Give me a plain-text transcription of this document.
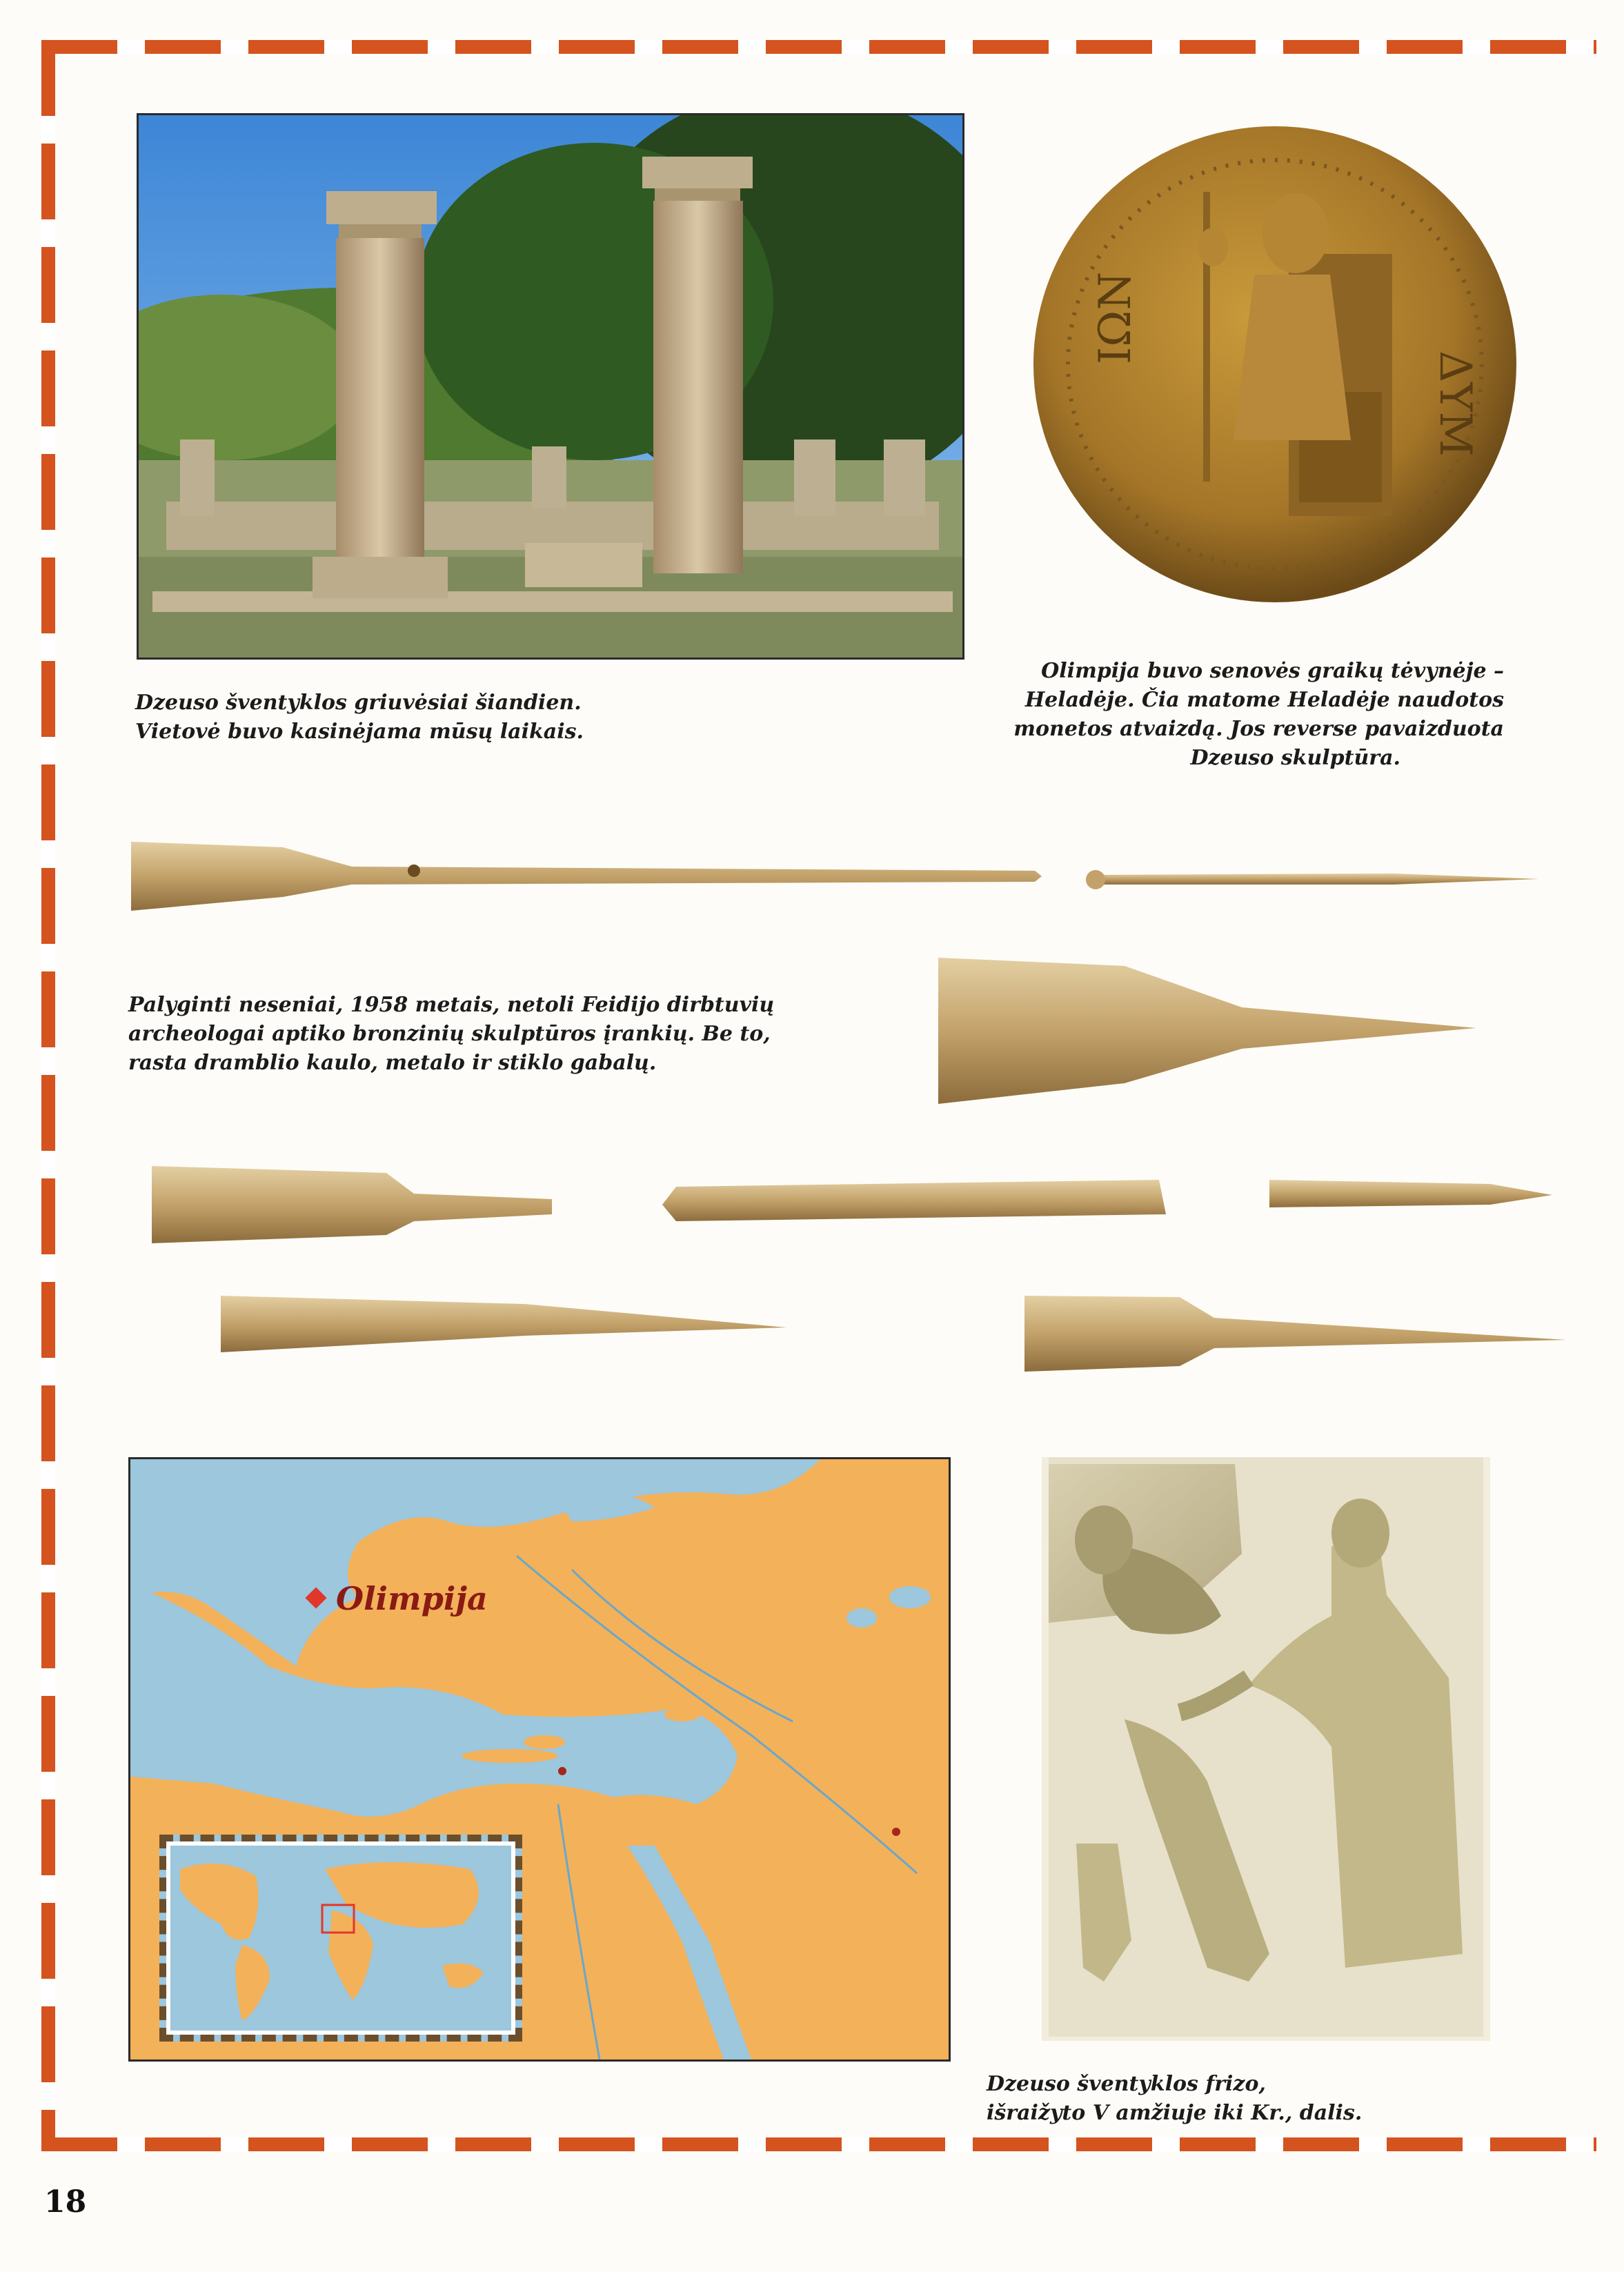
Dzeuso šventyklos griuvėsiai šiandien.
Vietovė buvo kasinėjama mūsų laikais.
ΙΩΝ
ΔΥΜ
Olimpija buvo senovės graikų tėvynėje –
Heladėje. Čia matome Heladėje naudotos
monetos atvaizdą. Jos reverse pavaizduota
Dzeuso skulptūra.
Palyginti neseniai, 1958 metais, netoli Feidijo dirbtuvių
archeologai aptiko bronzinių skulptūros įrankių. Be to,
rasta dramblio kaulo, metalo ir stiklo gabalų.
Olimpija
Dzeuso šventyklos frizo,
išraižyto V amžiuje iki Kr., dalis.
18
